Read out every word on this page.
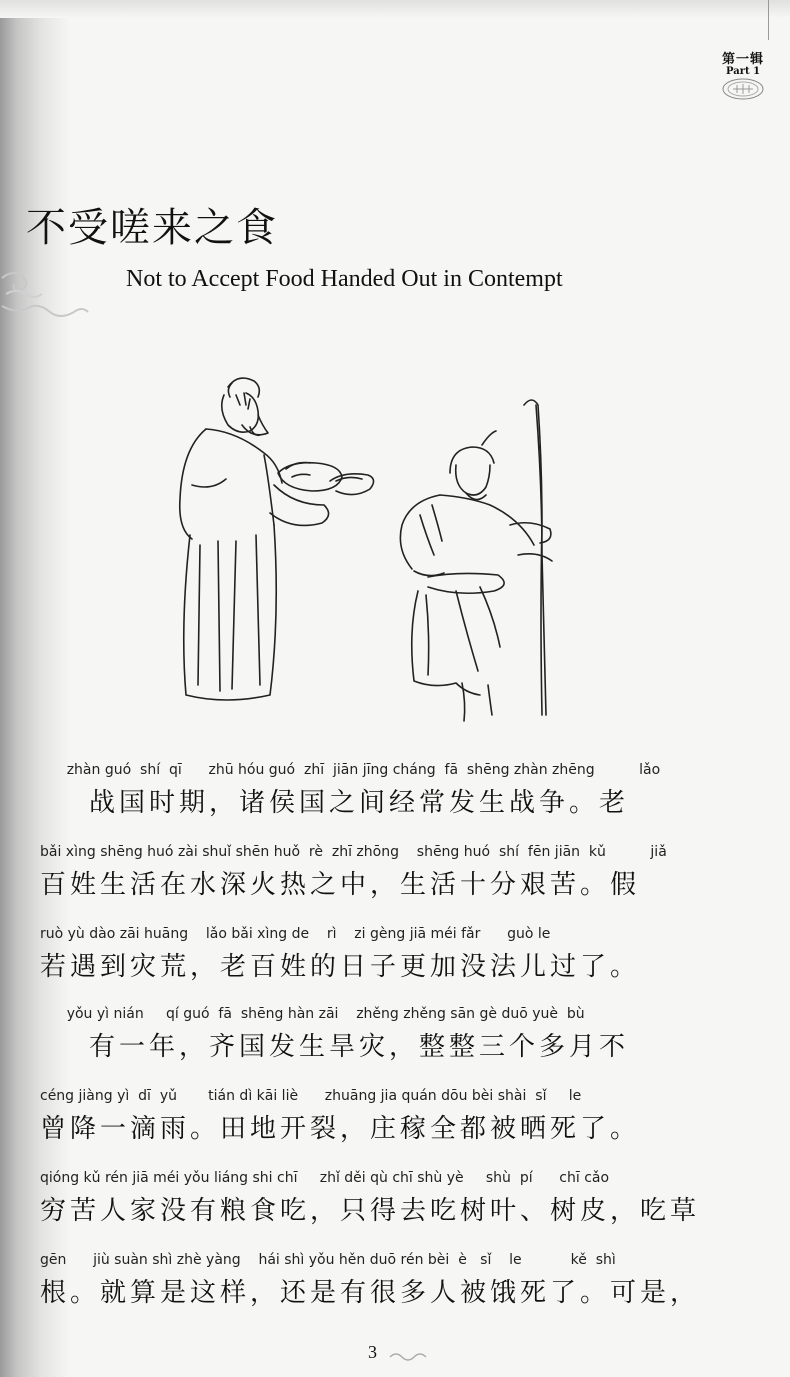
第一辑
Part 1
不受嗟来之食
Not to Accept Food Handed Out in Contempt
zhàn guó  shí  qī      zhū hóu guó  zhī  jiān jīng cháng  fā  shēng zhàn zhēng          lǎo
战国时期，诸侯国之间经常发生战争。老
bǎi xìng shēng huó zài shuǐ shēn huǒ  rè  zhī zhōng    shēng huó  shí  fēn jiān  kǔ          jiǎ
百姓生活在水深火热之中，生活十分艰苦。假
ruò yù dào zāi huāng    lǎo bǎi xìng de    rì    zi gèng jiā méi fǎr      guò le
若遇到灾荒，老百姓的日子更加没法儿过了。
yǒu yì nián     qí guó  fā  shēng hàn zāi    zhěng zhěng sān gè duō yuè  bù
有一年，齐国发生旱灾，整整三个多月不
céng jiàng yì  dī  yǔ       tián dì kāi liè      zhuāng jia quán dōu bèi shài  sǐ     le
曾降一滴雨。田地开裂，庄稼全都被晒死了。
qióng kǔ rén jiā méi yǒu liáng shi chī     zhǐ děi qù chī shù yè     shù  pí      chī cǎo
穷苦人家没有粮食吃，只得去吃树叶、树皮，吃草
gēn      jiù suàn shì zhè yàng    hái shì yǒu hěn duō rén bèi  è   sǐ    le           kě  shì
根。就算是这样，还是有很多人被饿死了。可是，
3
